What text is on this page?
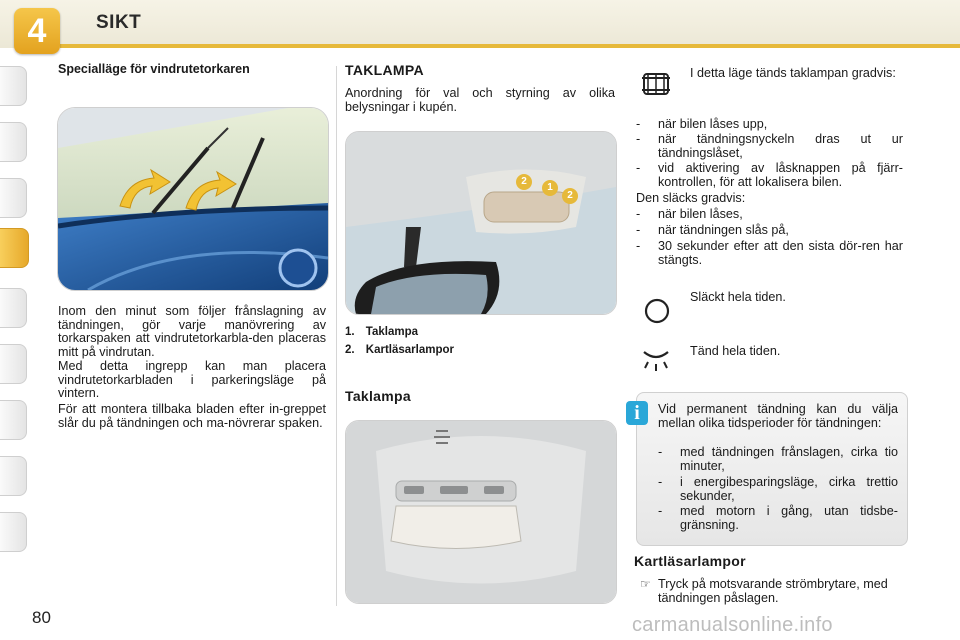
4	SIKT
Specialläge för vindrutetorkaren
Inom den minut som följer frånslagning av tändningen, gör varje manövrering av torkarspaken att vindrutetorkarbla-den placeras mitt på vindrutan.
Med detta ingrepp kan man placera vindrutetorkarbladen i parkeringsläge på vintern.
För att montera tillbaka bladen efter in-greppet slår du på tändningen och ma-növrerar spaken.
TAKLAMPA
Anordning för val och styrning av olika belysningar i kupén.
2
1
2
1. Taklampa
2. Kartläsarlampor
Taklampa
I detta läge tänds taklampan gradvis:
- när bilen låses upp,
- när tändningsnyckeln dras ut ur tändningslåset,
- vid aktivering av låsknappen på fjärr-kontrollen, för att lokalisera bilen.
Den släcks gradvis:
- när bilen låses,
- när tändningen slås på,
- 30 sekunder efter att den sista dör-ren har stängts.
Släckt hela tiden.
Tänd hela tiden.
i	Vid permanent tändning kan du välja mellan olika tidsperioder för tändningen:
- med tändningen frånslagen, cirka tio minuter,
- i energibesparingsläge, cirka trettio sekunder,
- med motorn i gång, utan tidsbe-gränsning.
Kartläsarlampor
☞ Tryck på motsvarande strömbrytare, med tändningen påslagen.
80	carmanualsonline.info
